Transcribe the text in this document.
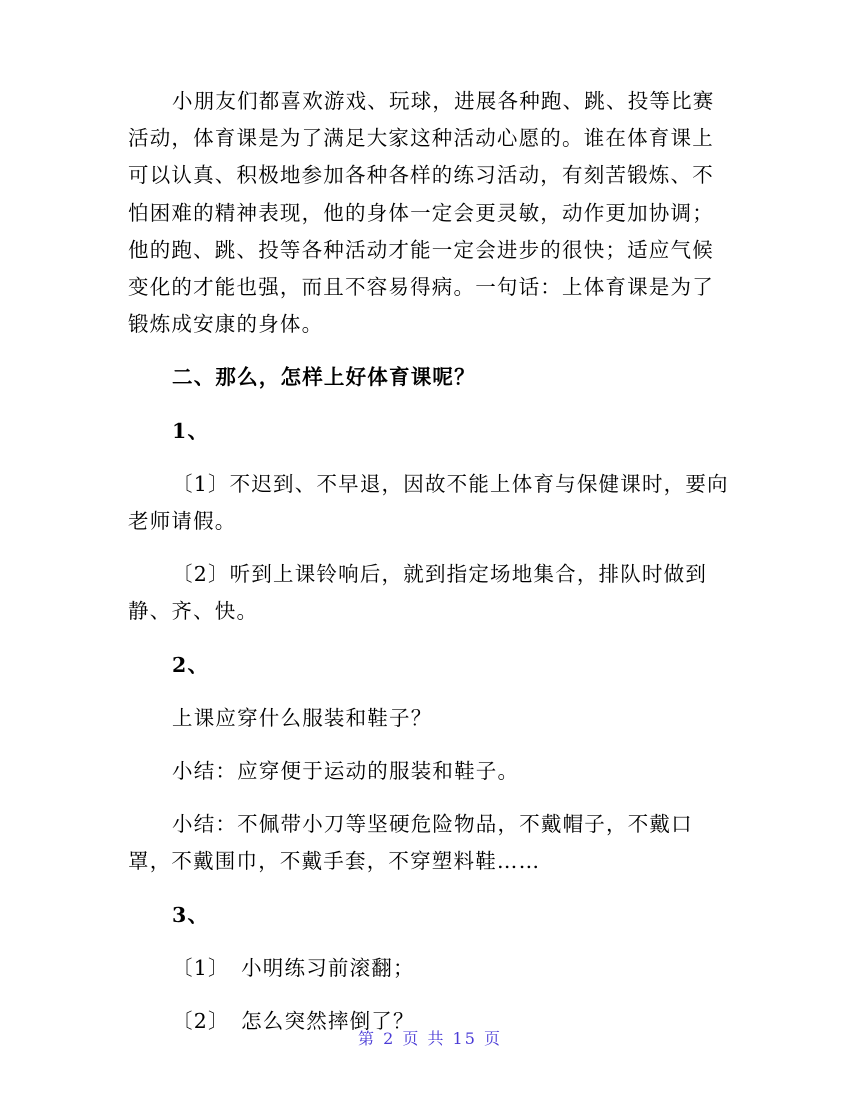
小朋友们都喜欢游戏、玩球，进展各种跑、跳、投等比赛活动，体育课是为了满足大家这种活动心愿的。谁在体育课上可以认真、积极地参加各种各样的练习活动，有刻苦锻炼、不怕困难的精神表现，他的身体一定会更灵敏，动作更加协调；他的跑、跳、投等各种活动才能一定会进步的很快；适应气候变化的才能也强，而且不容易得病。一句话：上体育课是为了锻炼成安康的身体。

二、那么，怎样上好体育课呢？

1、

〔1〕不迟到、不早退，因故不能上体育与保健课时，要向老师请假。

〔2〕听到上课铃响后，就到指定场地集合，排队时做到静、齐、快。

2、

上课应穿什么服装和鞋子？

小结：应穿便于运动的服装和鞋子。

小结：不佩带小刀等坚硬危险物品，不戴帽子，不戴口罩，不戴围巾，不戴手套，不穿塑料鞋……

3、

〔1〕　小明练习前滚翻；

〔2〕　怎么突然摔倒了？

第 2 页 共 15 页
